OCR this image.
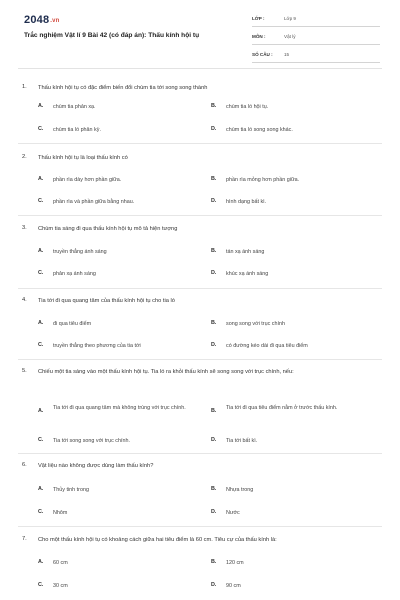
2048.vn
Trắc nghiệm Vật lí 9 Bài 42 (có đáp án): Thấu kính hội tụ
LỚP :	Lớp 9
MÔN :	Vật lý
SỐ CÂU : 15
1. Thấu kính hội tụ có đặc điểm biến đổi chùm tia tới song song thành
A. chùm tia phản xạ.	B. chùm tia ló hội tụ.
C. chùm tia ló phân kỳ.	D. chùm tia ló song song khác.
2. Thấu kính hội tụ là loại thấu kính có
A. phần rìa dày hơn phần giữa.	B. phần rìa mỏng hơn phần giữa.
C. phần rìa và phần giữa bằng nhau.	D. hình dạng bất kì.
3. Chùm tia sáng đi qua thấu kính hội tụ mô tả hiện tượng
A. truyền thẳng ánh sáng	B. tán xạ ánh sáng
C. phản xạ ánh sáng	D. khúc xạ ánh sáng
4. Tia tới đi qua quang tâm của thấu kính hội tụ cho tia ló
A. đi qua tiêu điểm	B. song song với trục chính
C. truyền thẳng theo phương của tia tới	D. có đường kéo dài đi qua tiêu điểm
5. Chiếu một tia sáng vào một thấu kính hội tụ. Tia ló ra khỏi thấu kính sẽ song song với trục chính, nếu:
A. Tia tới đi qua quang tâm mà không trùng với trục chính.	B. Tia tới đi qua tiêu điểm nằm ở trước thấu kính.
C. Tia tới song song với trục chính.	D. Tia tới bất kì.
6. Vật liệu nào không được dùng làm thấu kính?
A. Thủy tinh trong	B. Nhựa trong
C. Nhôm	D. Nước
7. Cho một thấu kính hội tụ có khoảng cách giữa hai tiêu điểm là 60 cm. Tiêu cự của thấu kính là:
A. 60 cm	B. 120 cm
C. 30 cm	D. 90 cm
